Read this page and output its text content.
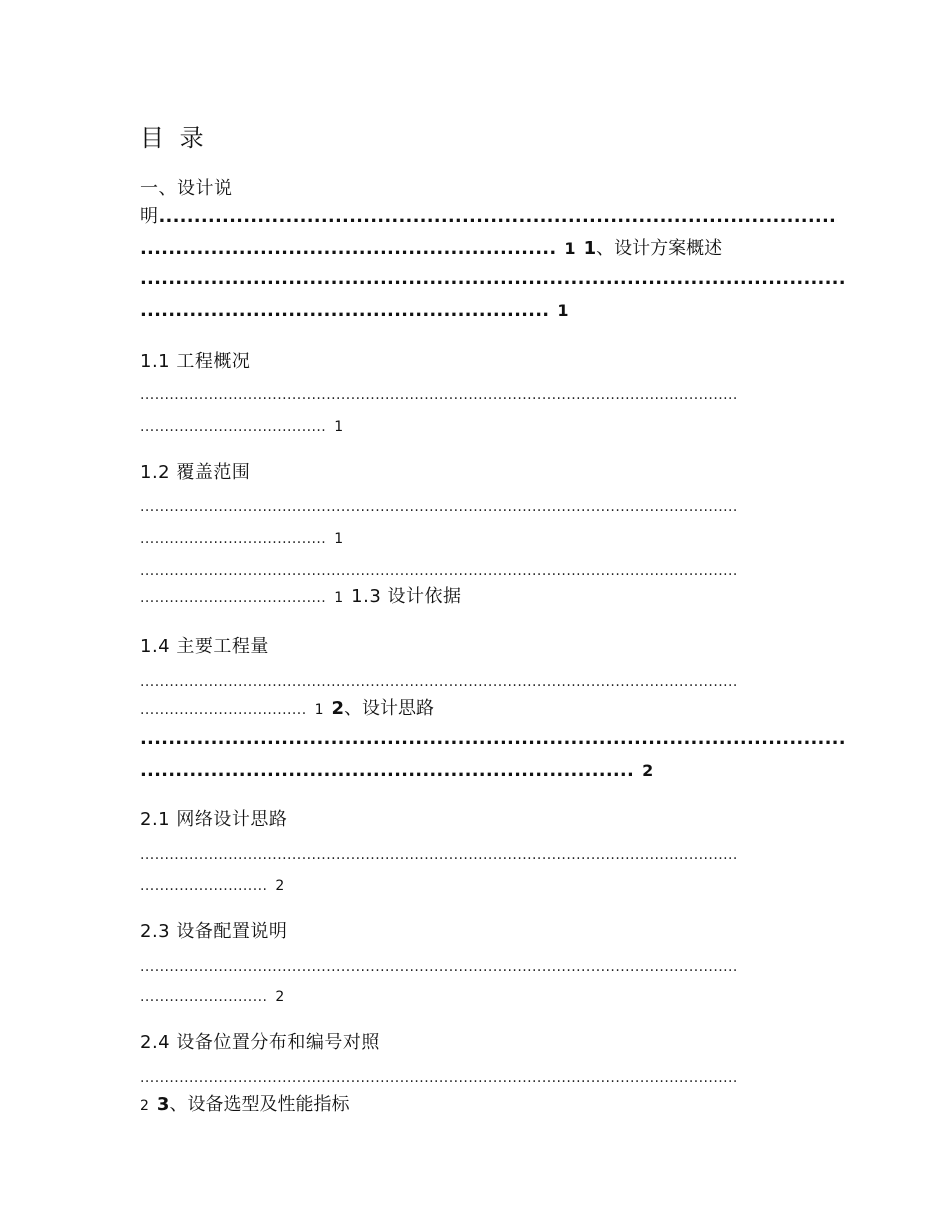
目 录
一、设计说
明................................................................................................
........................................................... 1 1、设计方案概述
....................................................................................................
.......................................................... 1
1.1 工程概况
..........................................................................................................................
...................................... 1
1.2 覆盖范围
..........................................................................................................................
...................................... 1
..........................................................................................................................
...................................... 1 1.3 设计依据
1.4 主要工程量
..........................................................................................................................
.................................. 1 2、设计思路
....................................................................................................
...................................................................... 2
2.1 网络设计思路
..........................................................................................................................
.......................... 2
2.3 设备配置说明
..........................................................................................................................
.......................... 2
2.4 设备位置分布和编号对照
..........................................................................................................................
2 3、设备选型及性能指标
